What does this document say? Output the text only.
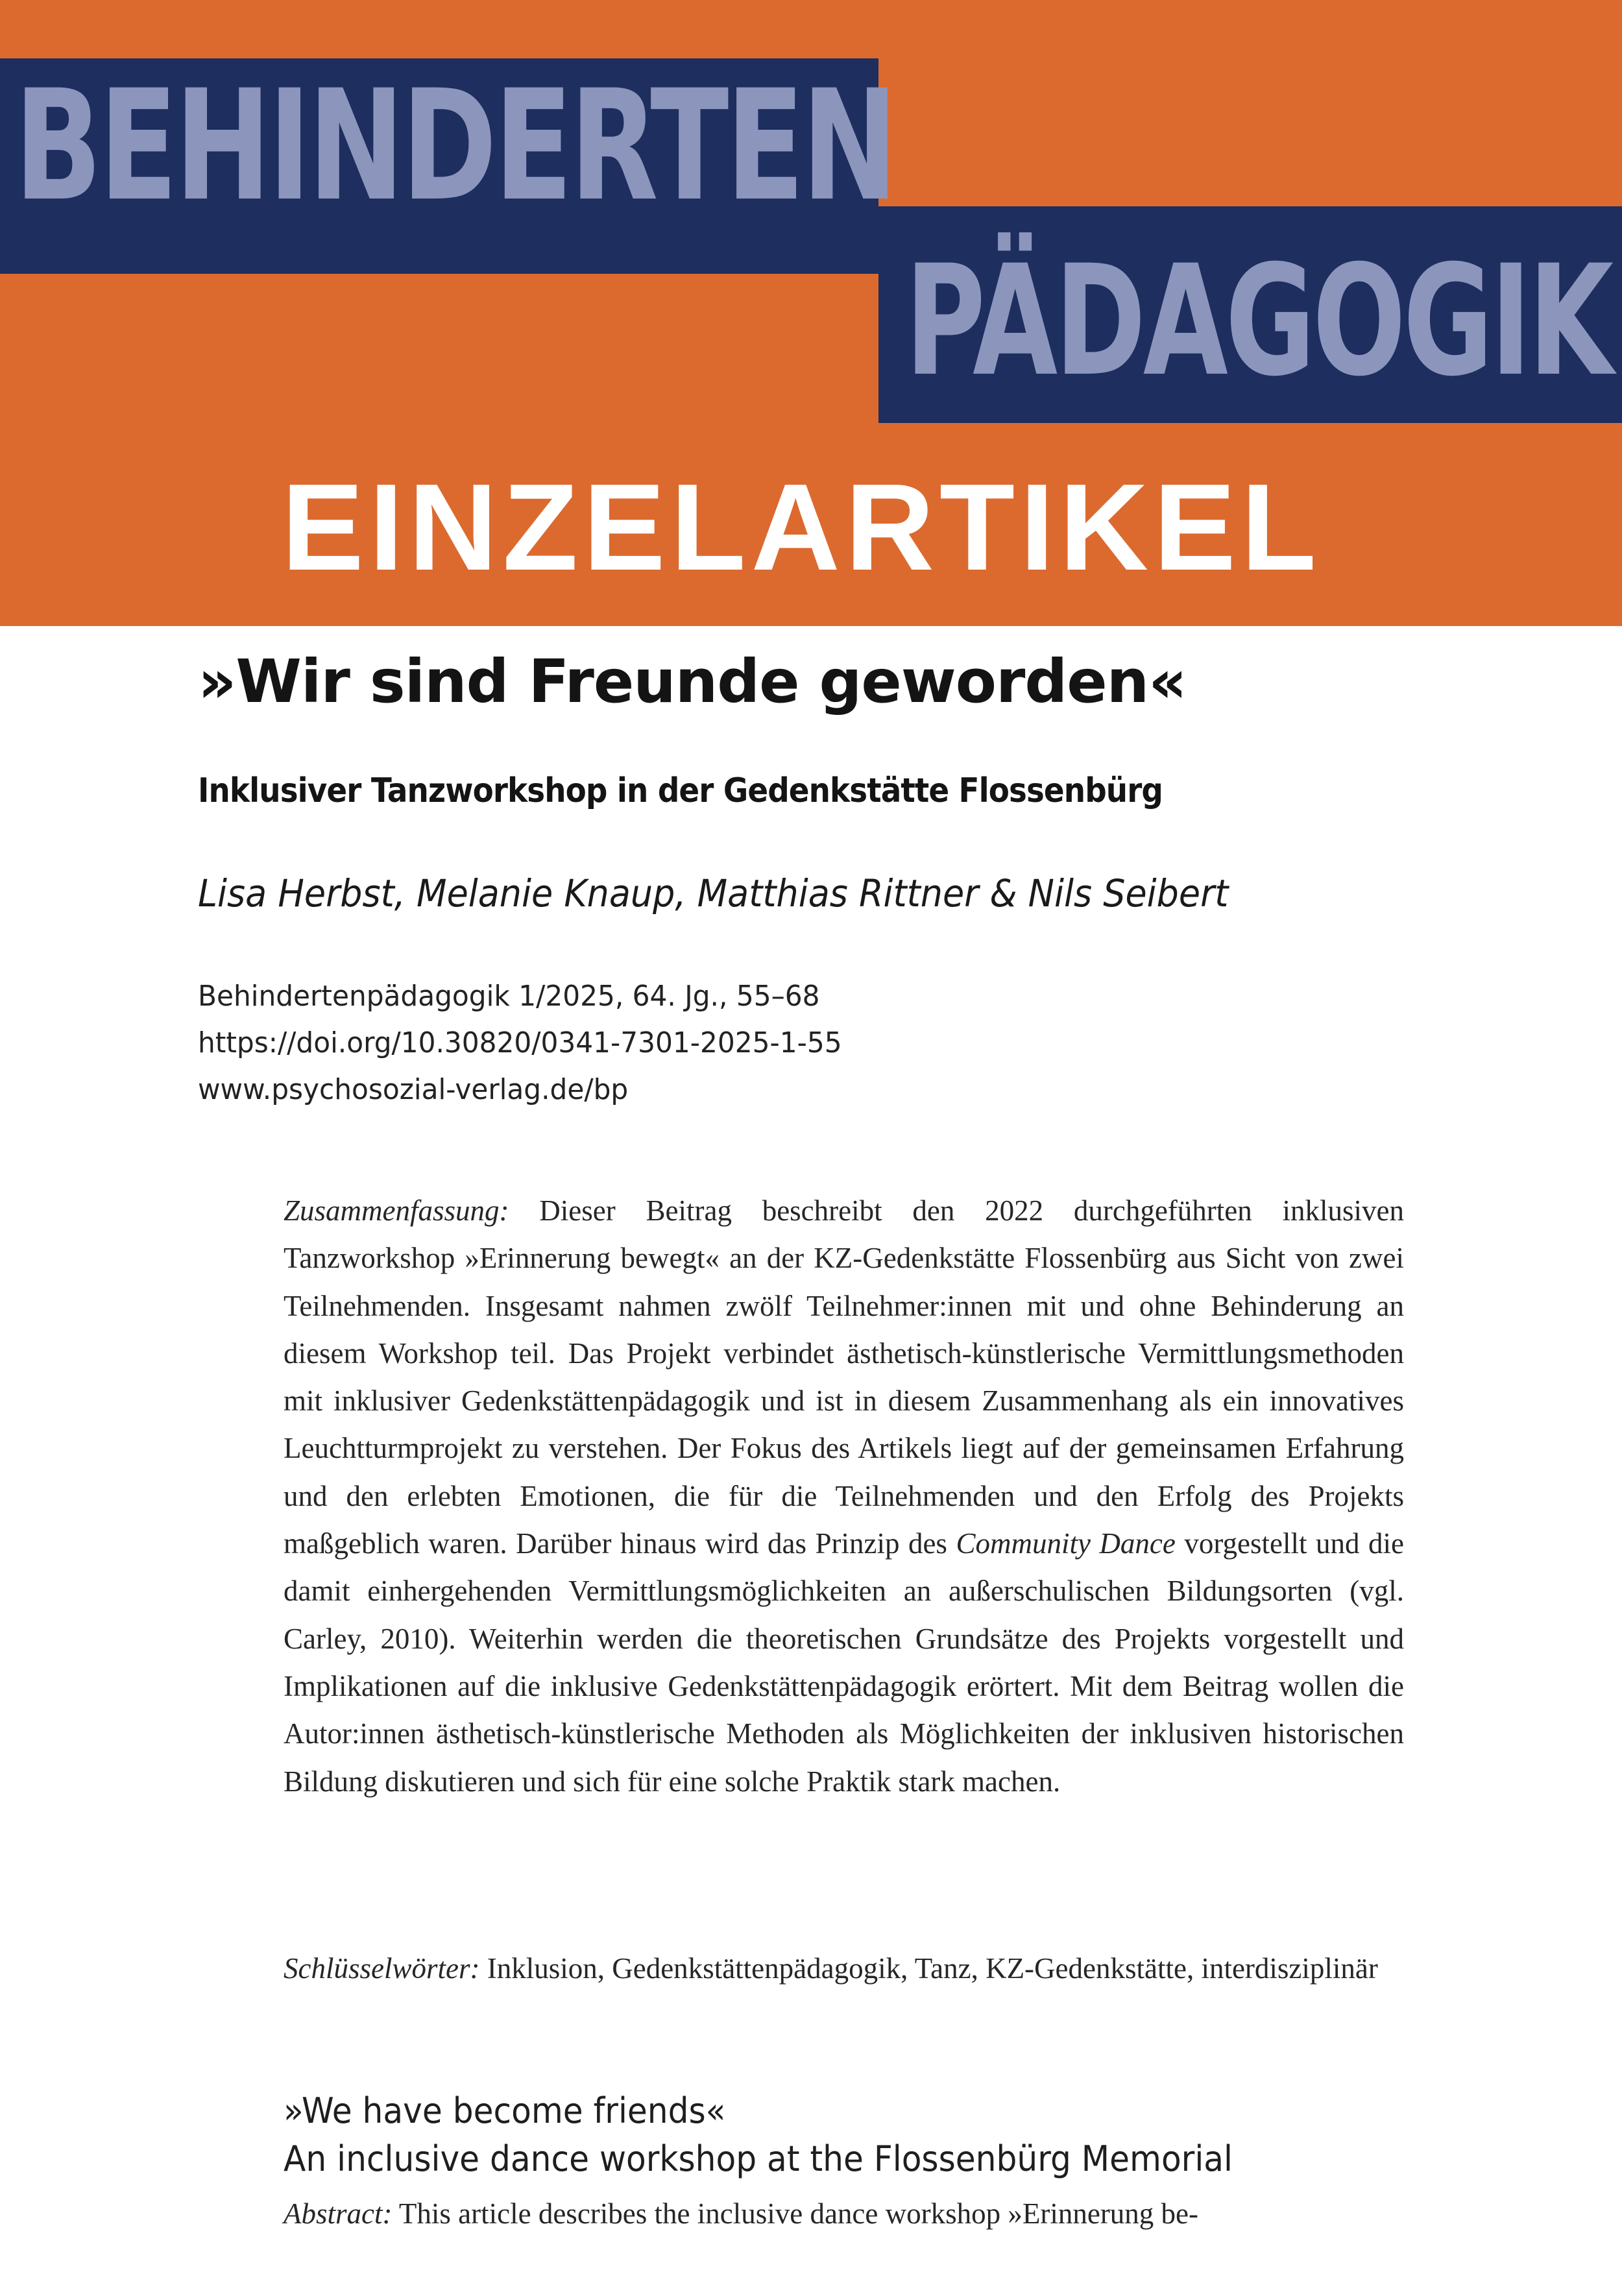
BEHINDERTEN
PÄDAGOGIK
EINZELARTIKEL
»Wir sind Freunde geworden«
Inklusiver Tanzworkshop in der Gedenkstätte Flossenbürg
Lisa Herbst, Melanie Knaup, Matthias Rittner & Nils Seibert
Behindertenpädagogik 1/2025, 64. Jg., 55–68
https://doi.org/10.30820/0341-7301-2025-1-55
www.psychosozial-verlag.de/bp

Zusammenfassung: Dieser Beitrag beschreibt den 2022 durchgeführten inklusiven Tanzworkshop »Erinnerung bewegt« an der KZ-Gedenkstätte Flossenbürg aus Sicht von zwei Teilnehmenden. Insgesamt nahmen zwölf Teilnehmer:innen mit und ohne Behinderung an diesem Workshop teil. Das Projekt verbindet ästhetisch-künstlerische Vermittlungsmethoden mit inklusiver Gedenkstättenpädagogik und ist in diesem Zusammenhang als ein innovatives Leuchtturmprojekt zu verstehen. Der Fokus des Artikels liegt auf der gemeinsamen Erfahrung und den erlebten Emotionen, die für die Teilnehmenden und den Erfolg des Projekts maßgeblich waren. Darüber hinaus wird das Prinzip des Community Dance vorgestellt und die damit einhergehenden Vermittlungsmöglichkeiten an außerschulischen Bildungsorten (vgl. Carley, 2010). Weiterhin werden die theoretischen Grundsätze des Projekts vorgestellt und Implikationen auf die inklusive Gedenkstättenpädagogik erörtert. Mit dem Beitrag wollen die Autor:innen ästhetisch-künstlerische Methoden als Möglichkeiten der inklusiven historischen Bildung diskutieren und sich für eine solche Praktik stark machen.

Schlüsselwörter: Inklusion, Gedenkstättenpädagogik, Tanz, KZ-Gedenkstätte, interdisziplinär

»We have become friends«
An inclusive dance workshop at the Flossenbürg Memorial

Abstract: This article describes the inclusive dance workshop »Erinnerung be-
